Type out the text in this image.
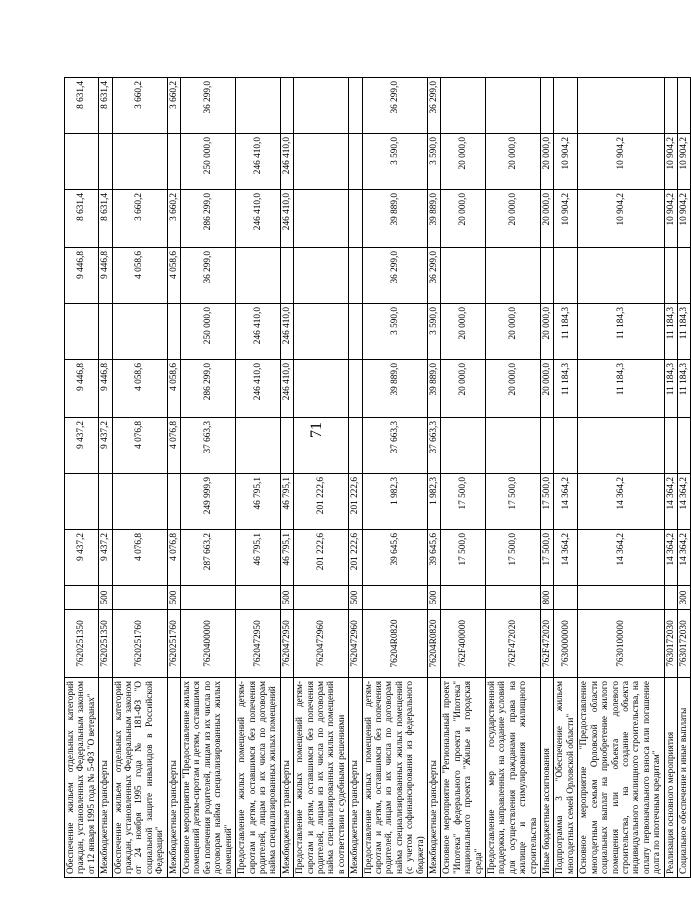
71
Обеспечение жильем отдельных категорий граждан, установленных Федеральным законом от 12 января 1995 года № 5-ФЗ "О ветеранах"	7620251350		9 437,2		9 437,2	9 446,8		9 446,8	8 631,4		8 631,4
Межбюджетные трансферты	7620251350	500	9 437,2		9 437,2	9 446,8		9 446,8	8 631,4		8 631,4
Обеспечение жильем отдельных категорий граждан, установленных Федеральным законом от 24 ноября 1995 года № 181-ФЗ "О социальной защите инвалидов в Российской Федерации"	7620251760		4 076,8		4 076,8	4 058,6		4 058,6	3 660,2		3 660,2
Межбюджетные трансферты	7620251760	500	4 076,8		4 076,8	4 058,6		4 058,6	3 660,2		3 660,2
Основное мероприятие "Предоставление жилых помещений детям-сиротам и детям, оставшимся без попечения родителей, лицам из их числа по договорам найма специализированных жилых помещений"	7620400000		287 663,2	249 999,9	37 663,3	286 299,0	250 000,0	36 299,0	286 299,0	250 000,0	36 299,0
Предоставление жилых помещений детям-сиротам и детям, оставшимся без попечения родителей, лицам из их числа по договорам найма специализированных жилых помещений	7620472950		46 795,1	46 795,1		246 410,0	246 410,0		246 410,0	246 410,0	
Межбюджетные трансферты	7620472950	500	46 795,1	46 795,1		246 410,0	246 410,0		246 410,0	246 410,0	
Предоставление жилых помещений детям-сиротам и детям, оставшимся без попечения родителей, лицам из их числа по договорам найма специализированных жилых помещений в соответствии с судебными решениями	7620472960		201 222,6	201 222,6							
Межбюджетные трансферты	7620472960	500	201 222,6	201 222,6							
Предоставление жилых помещений детям-сиротам и детям, оставшимся без попечения родителей, лицам из их числа по договорам найма специализированных жилых помещений (с учетом софинансирования из федерального бюджета)	76204R0820		39 645,6	1 982,3	37 663,3	39 889,0	3 590,0	36 299,0	39 889,0	3 590,0	36 299,0
Межбюджетные трансферты	76204R0820	500	39 645,6	1 982,3	37 663,3	39 889,0	3 590,0	36 299,0	39 889,0	3 590,0	36 299,0
Основное мероприятие "Региональный проект "Ипотека" федерального проекта "Ипотека" национального проекта "Жилье и городская среда"	762F400000		17 500,0	17 500,0		20 000,0	20 000,0		20 000,0	20 000,0	
Предоставление мер государственной поддержки, направленных на создание условий для осуществления гражданами права на жилище и стимулирования жилищного строительства	762F472020		17 500,0	17 500,0		20 000,0	20 000,0		20 000,0	20 000,0	
Иные бюджетные ассигнования	762F472020	800	17 500,0	17 500,0		20 000,0	20 000,0		20 000,0	20 000,0	
Подпрограмма 3 "Обеспечение жильем многодетных семей Орловской области"	7630000000		14 364,2	14 364,2		11 184,3	11 184,3		10 904,2	10 904,2	
Основное мероприятие "Предоставление многодетным семьям Орловской области социальных выплат на приобретение жилого помещения или объекта долевого строительства, на создание объекта индивидуального жилищного строительства, на оплату первоначального взноса или погашение долга по ипотечным кредитам"	7630100000		14 364,2	14 364,2		11 184,3	11 184,3		10 904,2	10 904,2	
Реализация основного мероприятия	7630172030		14 364,2	14 364,2		11 184,3	11 184,3		10 904,2	10 904,2	
Социальное обеспечение и иные выплаты	7630172030	300	14 364,2	14 364,2		11 184,3	11 184,3		10 904,2	10 904,2	
